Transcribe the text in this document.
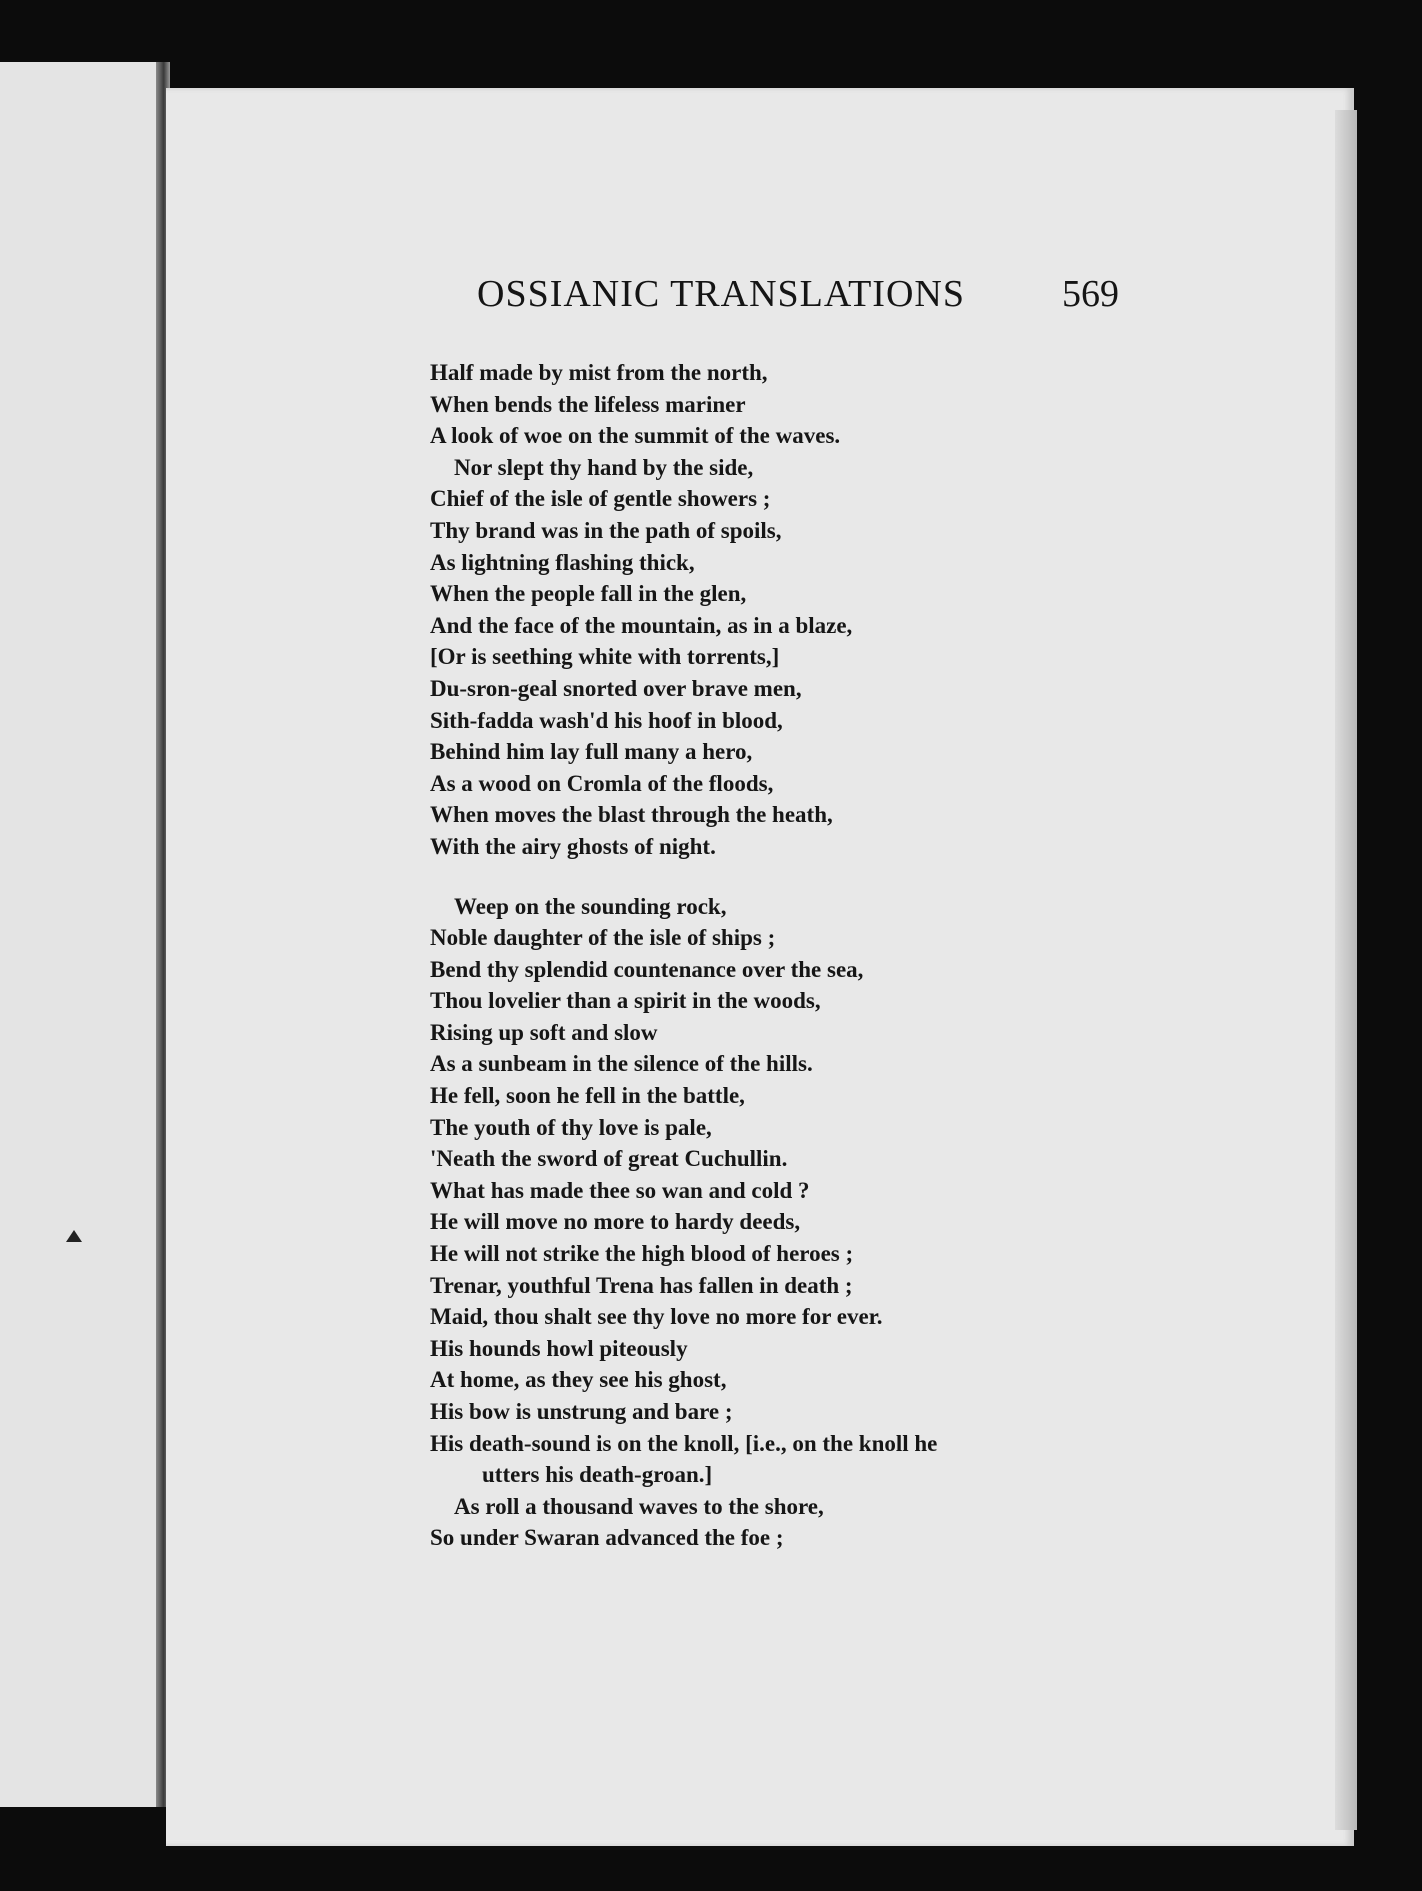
OSSIANIC TRANSLATIONS	569
Half made by mist from the north,
When bends the lifeless mariner
A look of woe on the summit of the waves.
Nor slept thy hand by the side,
Chief of the isle of gentle showers ;
Thy brand was in the path of spoils,
As lightning flashing thick,
When the people fall in the glen,
And the face of the mountain, as in a blaze,
[Or is seething white with torrents,]
Du-sron-geal snorted over brave men,
Sith-fadda wash'd his hoof in blood,
Behind him lay full many a hero,
As a wood on Cromla of the floods,
When moves the blast through the heath,
With the airy ghosts of night.
Weep on the sounding rock,
Noble daughter of the isle of ships ;
Bend thy splendid countenance over the sea,
Thou lovelier than a spirit in the woods,
Rising up soft and slow
As a sunbeam in the silence of the hills.
He fell, soon he fell in the battle,
The youth of thy love is pale,
'Neath the sword of great Cuchullin.
What has made thee so wan and cold ?
He will move no more to hardy deeds,
He will not strike the high blood of heroes ;
Trenar, youthful Trena has fallen in death ;
Maid, thou shalt see thy love no more for ever.
His hounds howl piteously
At home, as they see his ghost,
His bow is unstrung and bare ;
His death-sound is on the knoll, [i.e., on the knoll he
utters his death-groan.]
As roll a thousand waves to the shore,
So under Swaran advanced the foe ;
